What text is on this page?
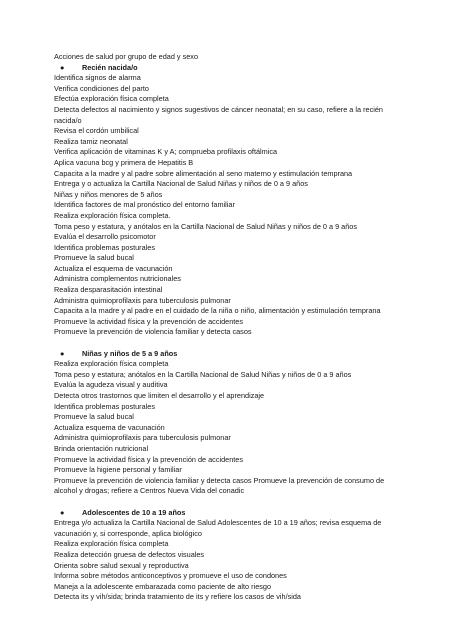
Acciones de salud por grupo de edad y sexo
● Recién nacida/o
Identifica signos de alarma
Verifica condiciones del parto
Efectúa exploración física completa
Detecta defectos al nacimiento y signos sugestivos de cáncer neonatal; en su caso, refiere a la recién nacida/o
Revisa el cordón umbilical
Realiza tamiz neonatal
Verifica aplicación de vitaminas K y A; comprueba profilaxis oftálmica
Aplica vacuna bcg y primera de Hepatitis B
Capacita a la madre y al padre sobre alimentación al seno materno y estimulación temprana
Entrega y o actualiza la Cartilla Nacional de Salud Niñas y niños de 0 a 9 años
Niñas y niños menores de 5 años
Identifica factores de mal pronóstico del entorno familiar
Realiza exploración física completa.
Toma peso y estatura, y anótalos en la Cartilla Nacional de Salud Niñas y niños de 0 a 9 años
Evalúa el desarrollo psicomotor
Identifica problemas posturales
Promueve la salud bucal
Actualiza el esquema de vacunación
Administra complementos nutricionales
Realiza desparasitación intestinal
Administra quimioprofilaxis para tuberculosis pulmonar
Capacita a la madre y al padre en el cuidado de la niña o niño, alimentación y estimulación temprana
Promueve la actividad física y la prevención de accidentes
Promueve la prevención de violencia familiar y detecta casos
● Niñas y niños de 5 a 9 años
Realiza exploración física completa
Toma peso y estatura; anótalos en la Cartilla Nacional de Salud Niñas y niños de 0 a 9 años
Evalúa la agudeza visual y auditiva
Detecta otros trastornos que limiten el desarrollo y el aprendizaje
Identifica problemas posturales
Promueve la salud bucal
Actualiza esquema de vacunación
Administra quimioprofilaxis para tuberculosis pulmonar
Brinda orientación nutricional
Promueve la actividad física y la prevención de accidentes
Promueve la higiene personal y familiar
Promueve la prevención de violencia familiar y detecta casos Promueve la prevención de consumo de alcohol y drogas; refiere a Centros Nueva Vida del conadic
● Adolescentes de 10 a 19 años
Entrega y/o actualiza la Cartilla Nacional de Salud Adolescentes de 10 a 19 años; revisa esquema de vacunación y, si corresponde, aplica biológico
Realiza exploración física completa
Realiza detección gruesa de defectos visuales
Orienta sobre salud sexual y reproductiva
Informa sobre métodos anticonceptivos y promueve el uso de condones
Maneja a la adolescente embarazada como paciente de alto riesgo
Detecta its y vih/sida; brinda tratamiento de its y refiere los casos de vih/sida
